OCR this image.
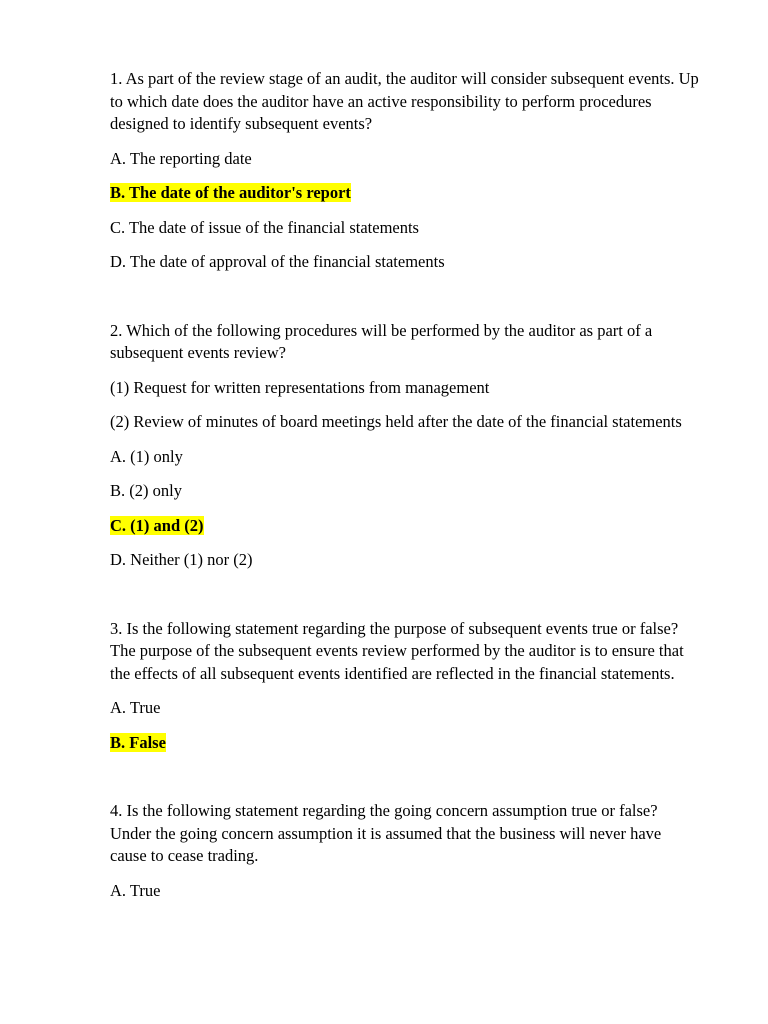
1. As part of the review stage of an audit, the auditor will consider subsequent events. Up to which date does the auditor have an active responsibility to perform procedures designed to identify subsequent events?

A. The reporting date

B. The date of the auditor's report

C. The date of issue of the financial statements

D. The date of approval of the financial statements

2. Which of the following procedures will be performed by the auditor as part of a subsequent events review?

(1) Request for written representations from management

(2) Review of minutes of board meetings held after the date of the financial statements

A. (1) only

B. (2) only

C. (1) and (2)

D. Neither (1) nor (2)

3. Is the following statement regarding the purpose of subsequent events true or false? The purpose of the subsequent events review performed by the auditor is to ensure that the effects of all subsequent events identified are reflected in the financial statements.

A. True

B. False

4. Is the following statement regarding the going concern assumption true or false? Under the going concern assumption it is assumed that the business will never have cause to cease trading.

A. True
